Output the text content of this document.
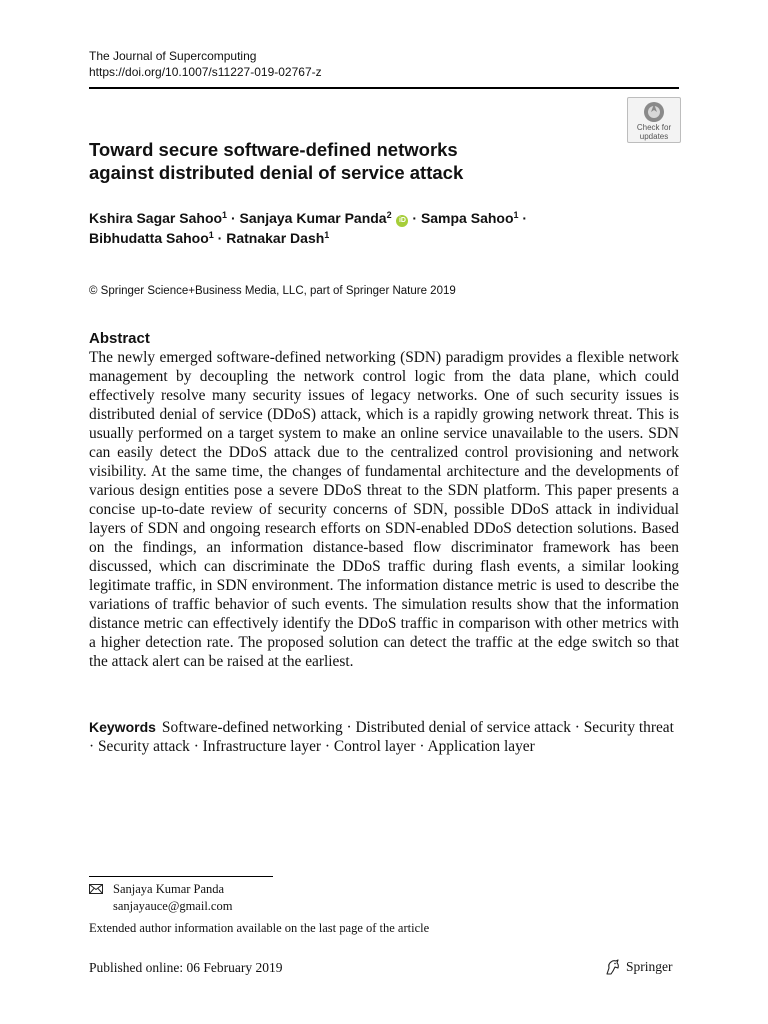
The Journal of Supercomputing
https://doi.org/10.1007/s11227-019-02767-z
Check for
updates
Toward secure software-defined networks
against distributed denial of service attack
Kshira Sagar Sahoo$^1$ · Sanjaya Kumar Panda$^2$ iD · Sampa Sahoo$^1$ ·
Bibhudatta Sahoo$^1$ · Ratnakar Dash$^1$
© Springer Science+Business Media, LLC, part of Springer Nature 2019
Abstract

The newly emerged software-defined networking (SDN) paradigm provides a flexible network management by decoupling the network control logic from the data plane, which could effectively resolve many security issues of legacy networks. One of such security issues is distributed denial of service (DDoS) attack, which is a rapidly growing network threat. This is usually performed on a target system to make an online service unavailable to the users. SDN can easily detect the DDoS attack due to the centralized control provisioning and network visibility. At the same time, the changes of fundamental architecture and the developments of various design entities pose a severe DDoS threat to the SDN platform. This paper presents a concise up-to-date review of security concerns of SDN, possible DDoS attack in individual layers of SDN and ongoing research efforts on SDN-enabled DDoS detection solutions. Based on the findings, an information distance-based flow discriminator framework has been discussed, which can discriminate the DDoS traffic during flash events, a similar looking legitimate traffic, in SDN environment. The information distance metric is used to describe the variations of traffic behavior of such events. The simulation results show that the information distance metric can effectively identify the DDoS traffic in comparison with other metrics with a higher detection rate. The proposed solution can detect the traffic at the edge switch so that the attack alert can be raised at the earliest.

Keywords Software-defined networking · Distributed denial of service attack · Security threat · Security attack · Infrastructure layer · Control layer · Application layer

Sanjaya Kumar Panda
sanjayauce@gmail.com
Extended author information available on the last page of the article
Published online: 06 February 2019	Springer
